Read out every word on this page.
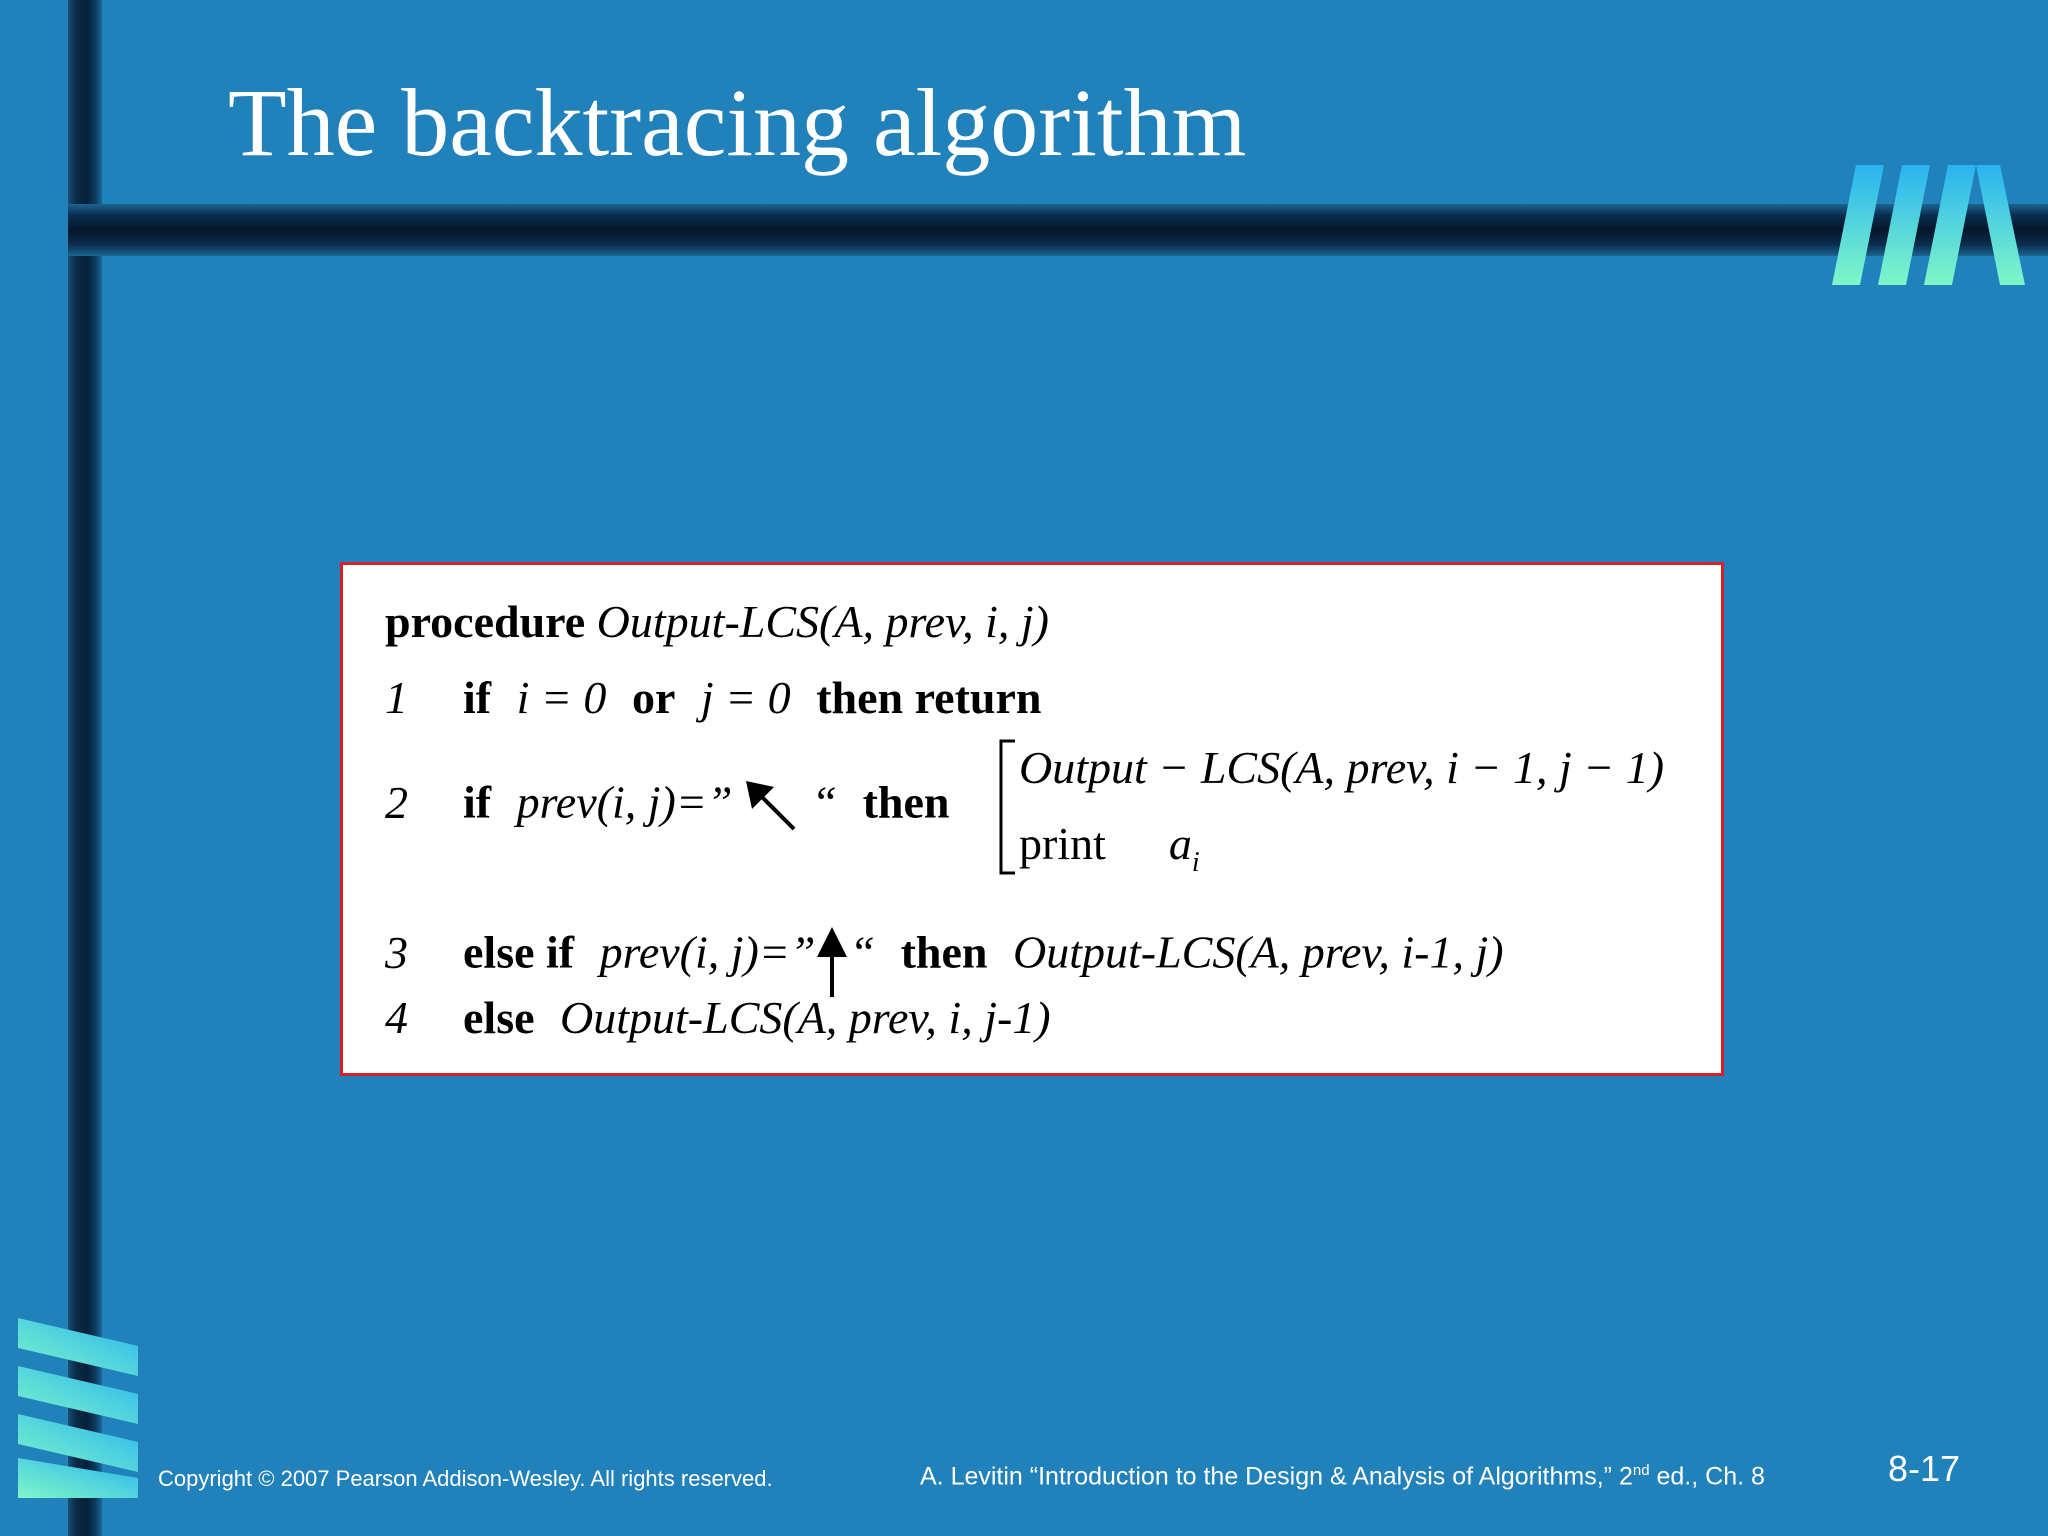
The backtracing algorithm
procedure Output-LCS(A, prev, i, j)
1 if i = 0 or j = 0 then return
2 if prev(i, j)=” “ then
Output − LCS(A, prev, i − 1, j − 1)
print $a_i$
3 else if prev(i, j)=” “ then Output-LCS(A, prev, i-1, j)
4 else Output-LCS(A, prev, i, j-1)
Copyright © 2007 Pearson Addison-Wesley. All rights reserved.	A. Levitin “Introduction to the Design & Analysis of Algorithms,” 2nd ed., Ch. 8	8-17
